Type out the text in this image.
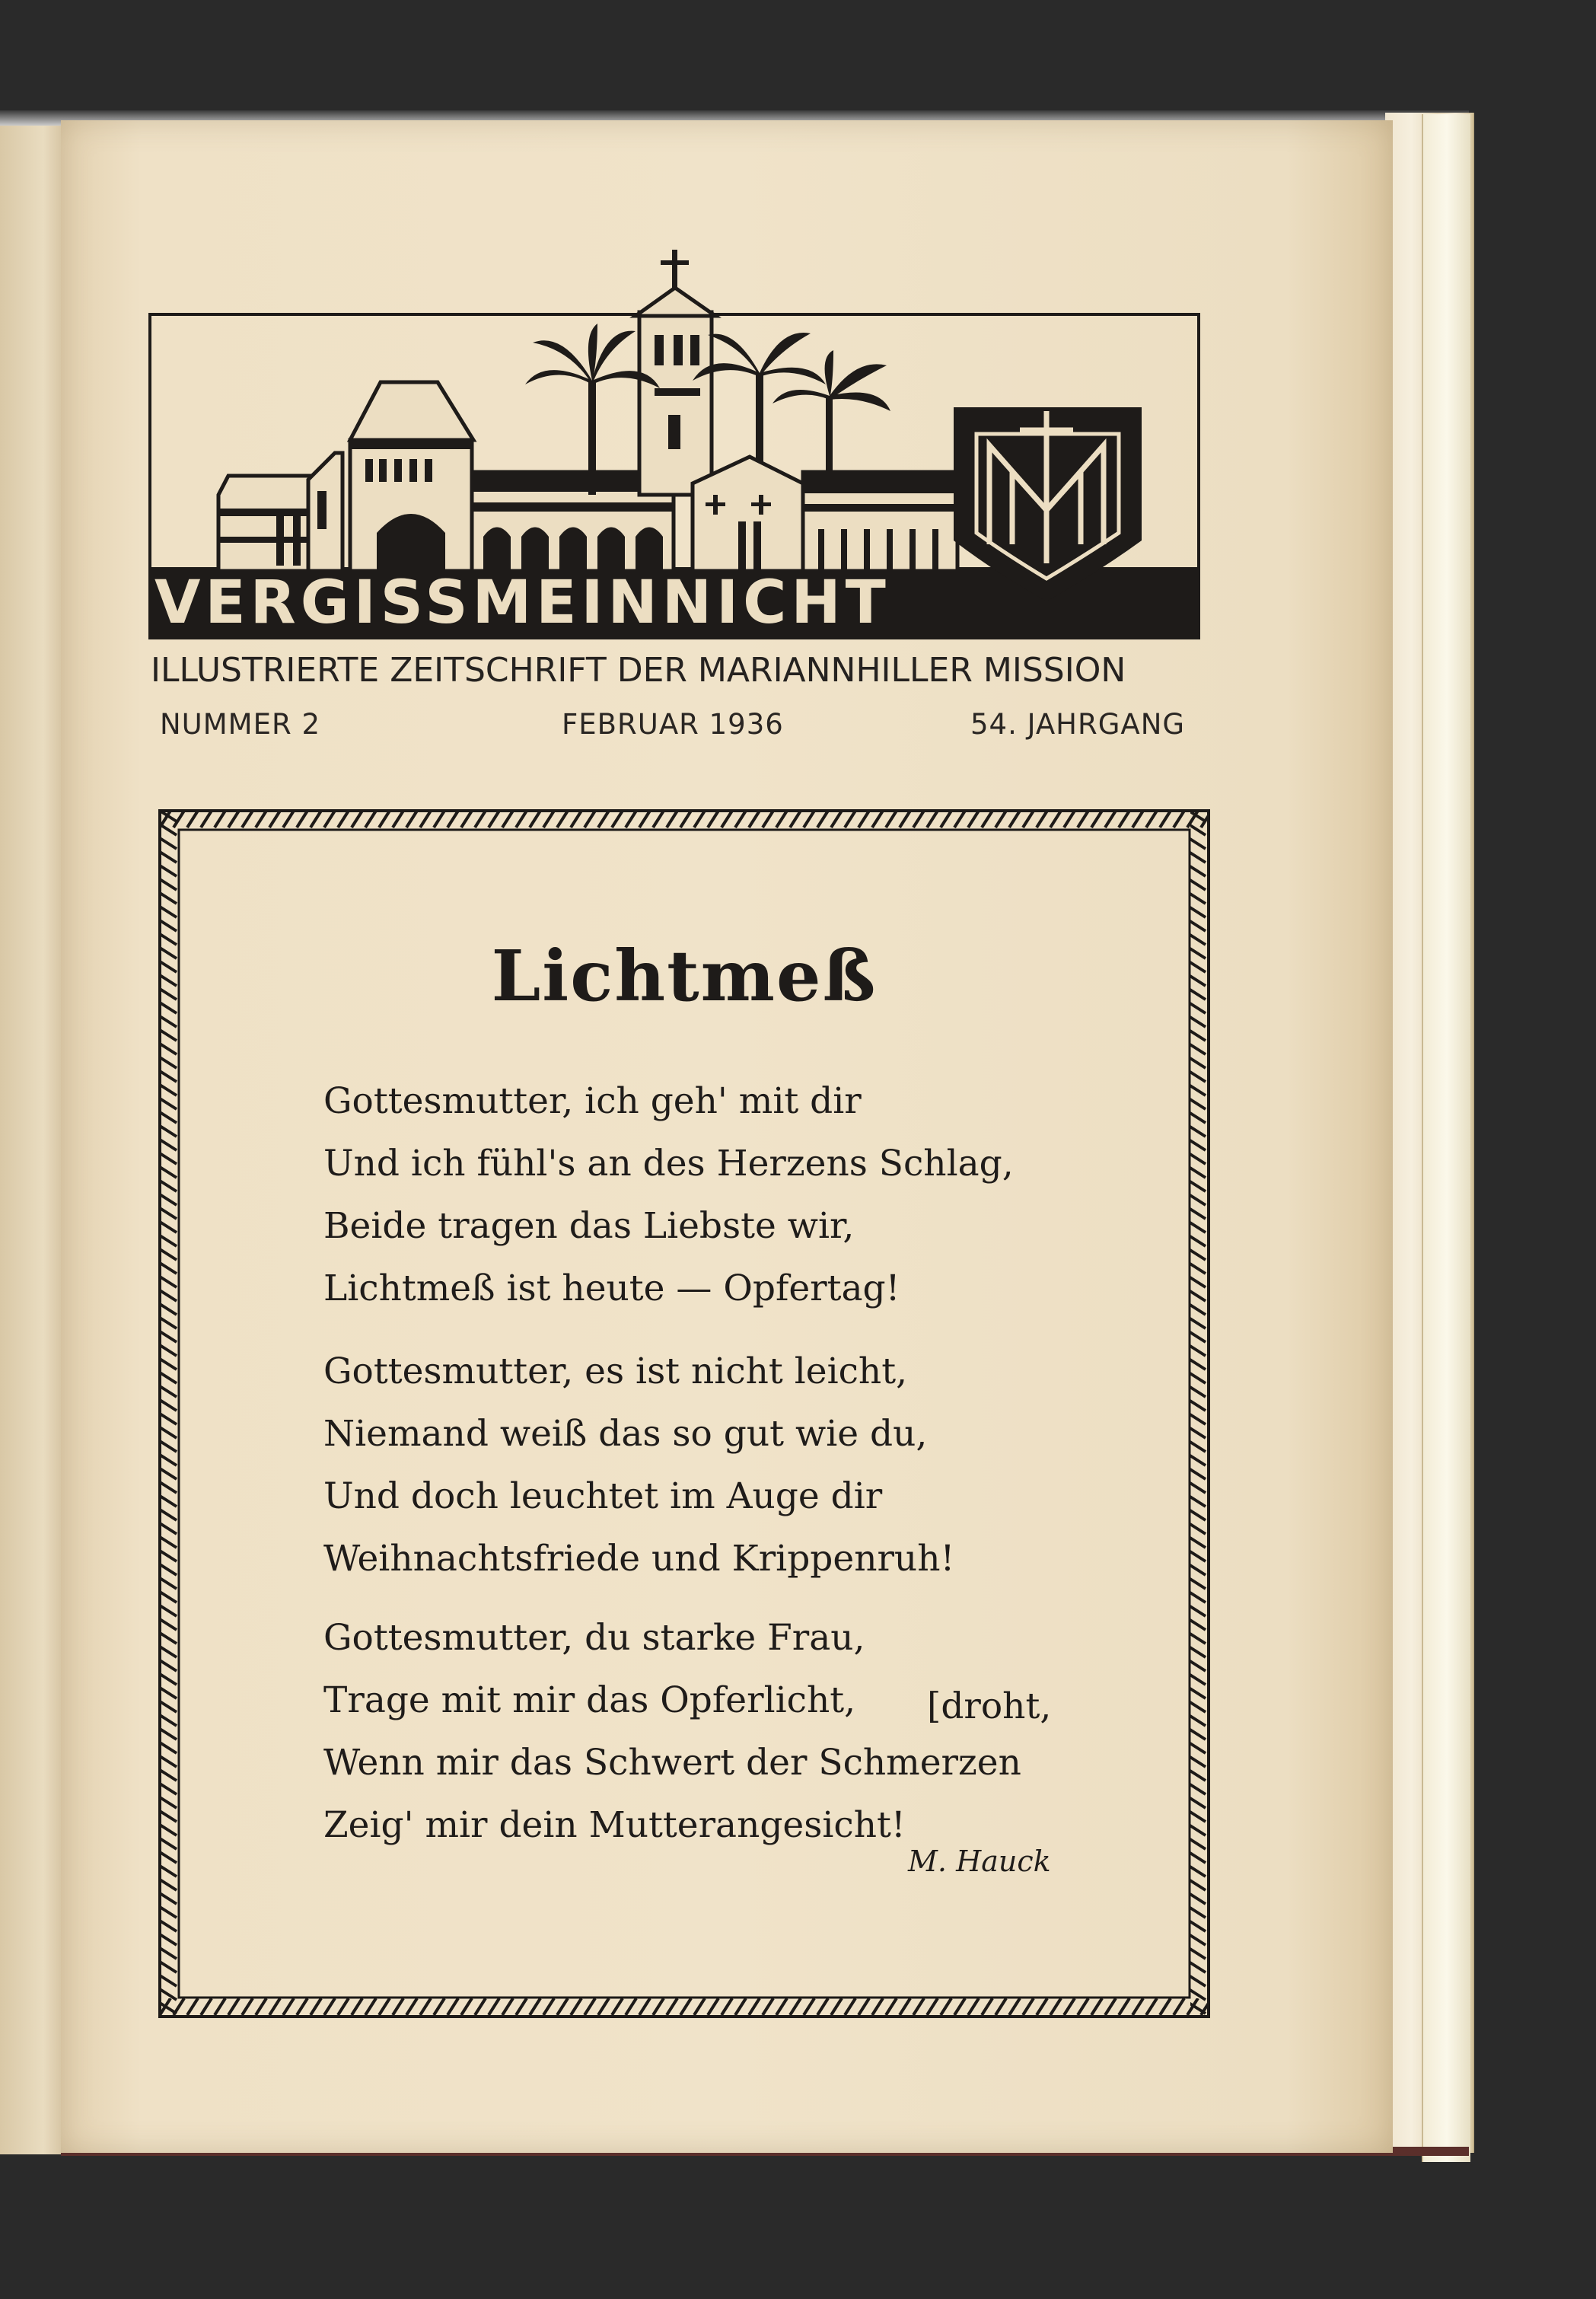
VERGISSMEINNICHT
ILLUSTRIERTE ZEITSCHRIFT DER MARIANNHILLER MISSION
NUMMER 2	FEBRUAR 1936	54. JAHRGANG
Lichtmeß
Gottesmutter, ich geh' mit dir
Und ich fühl's an des Herzens Schlag,
Beide tragen das Liebste wir,
Lichtmeß ist heute — Opfertag!
Gottesmutter, es ist nicht leicht,
Niemand weiß das so gut wie du,
Und doch leuchtet im Auge dir
Weihnachtsfriede und Krippenruh!
Gottesmutter, du starke Frau,
Trage mit mir das Opferlicht,
Wenn mir das Schwert der Schmerzen
Zeig' mir dein Mutterangesicht!
[droht,
M. Hauck
